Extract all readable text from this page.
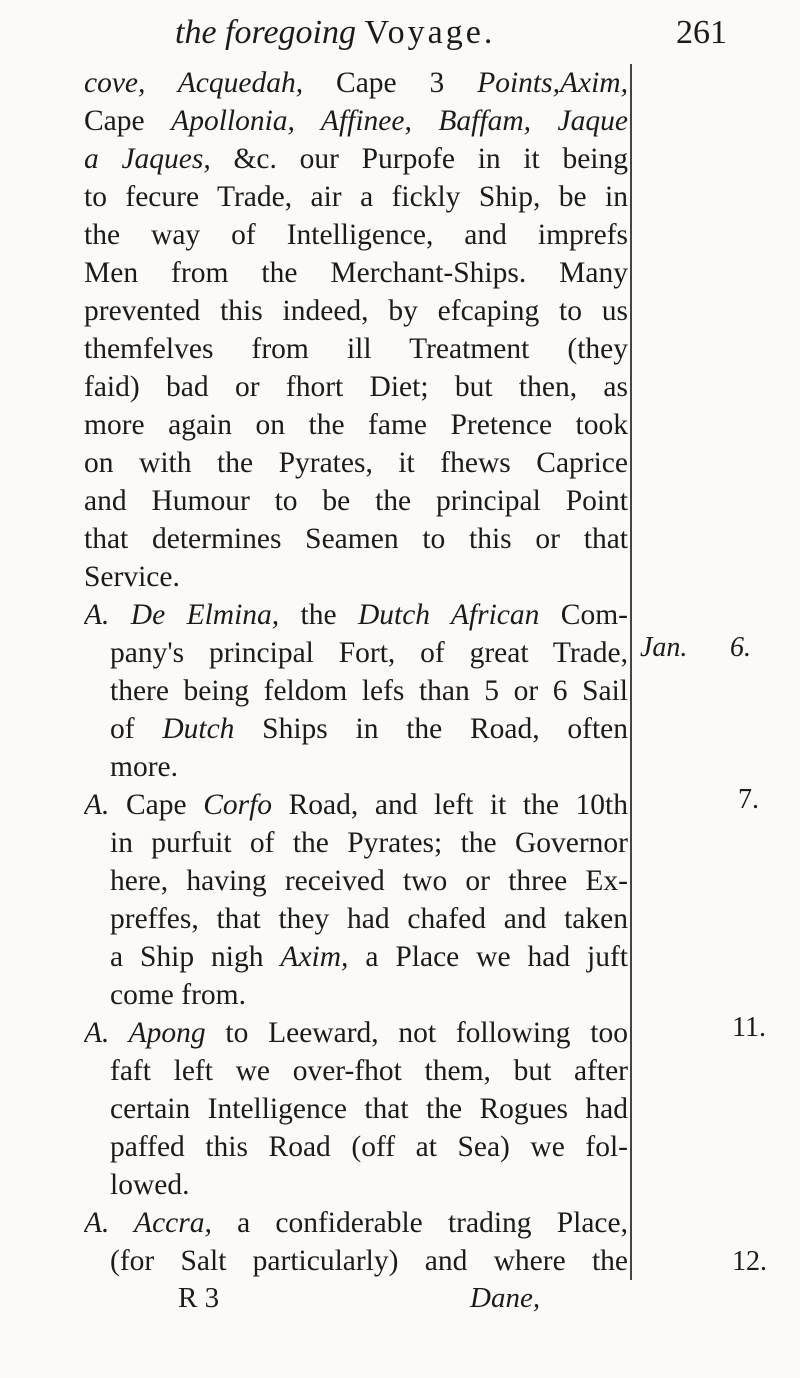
the foregoing Voyage.	261
cove, Acquedah, Cape 3 Points,Axim,
Cape Apollonia, Affinee, Baffam, Jaque
a Jaques, &c. our Purpofe in it being
to fecure Trade, air a fickly Ship, be in
the way of Intelligence, and imprefs
Men from the Merchant-Ships. Many
prevented this indeed, by efcaping to us
themfelves from ill Treatment (they
faid) bad or fhort Diet; but then, as
more again on the fame Pretence took
on with the Pyrates, it fhews Caprice
and Humour to be the principal Point
that determines Seamen to this or that
Service.
A. De Elmina, the Dutch African Com-
pany's principal Fort, of great Trade,
there being feldom lefs than 5 or 6 Sail
of Dutch Ships in the Road, often
more.
A. Cape Corfo Road, and left it the 10th
in purfuit of the Pyrates; the Governor
here, having received two or three Ex-
preffes, that they had chafed and taken
a Ship nigh Axim, a Place we had juft
come from.
A. Apong to Leeward, not following too
faft left we over-fhot them, but after
certain Intelligence that the Rogues had
paffed this Road (off at Sea) we fol-
lowed.
A. Accra, a confiderable trading Place,
(for Salt particularly) and where the
R 3	Dane,
Jan. 6.
7.
11.
12.
